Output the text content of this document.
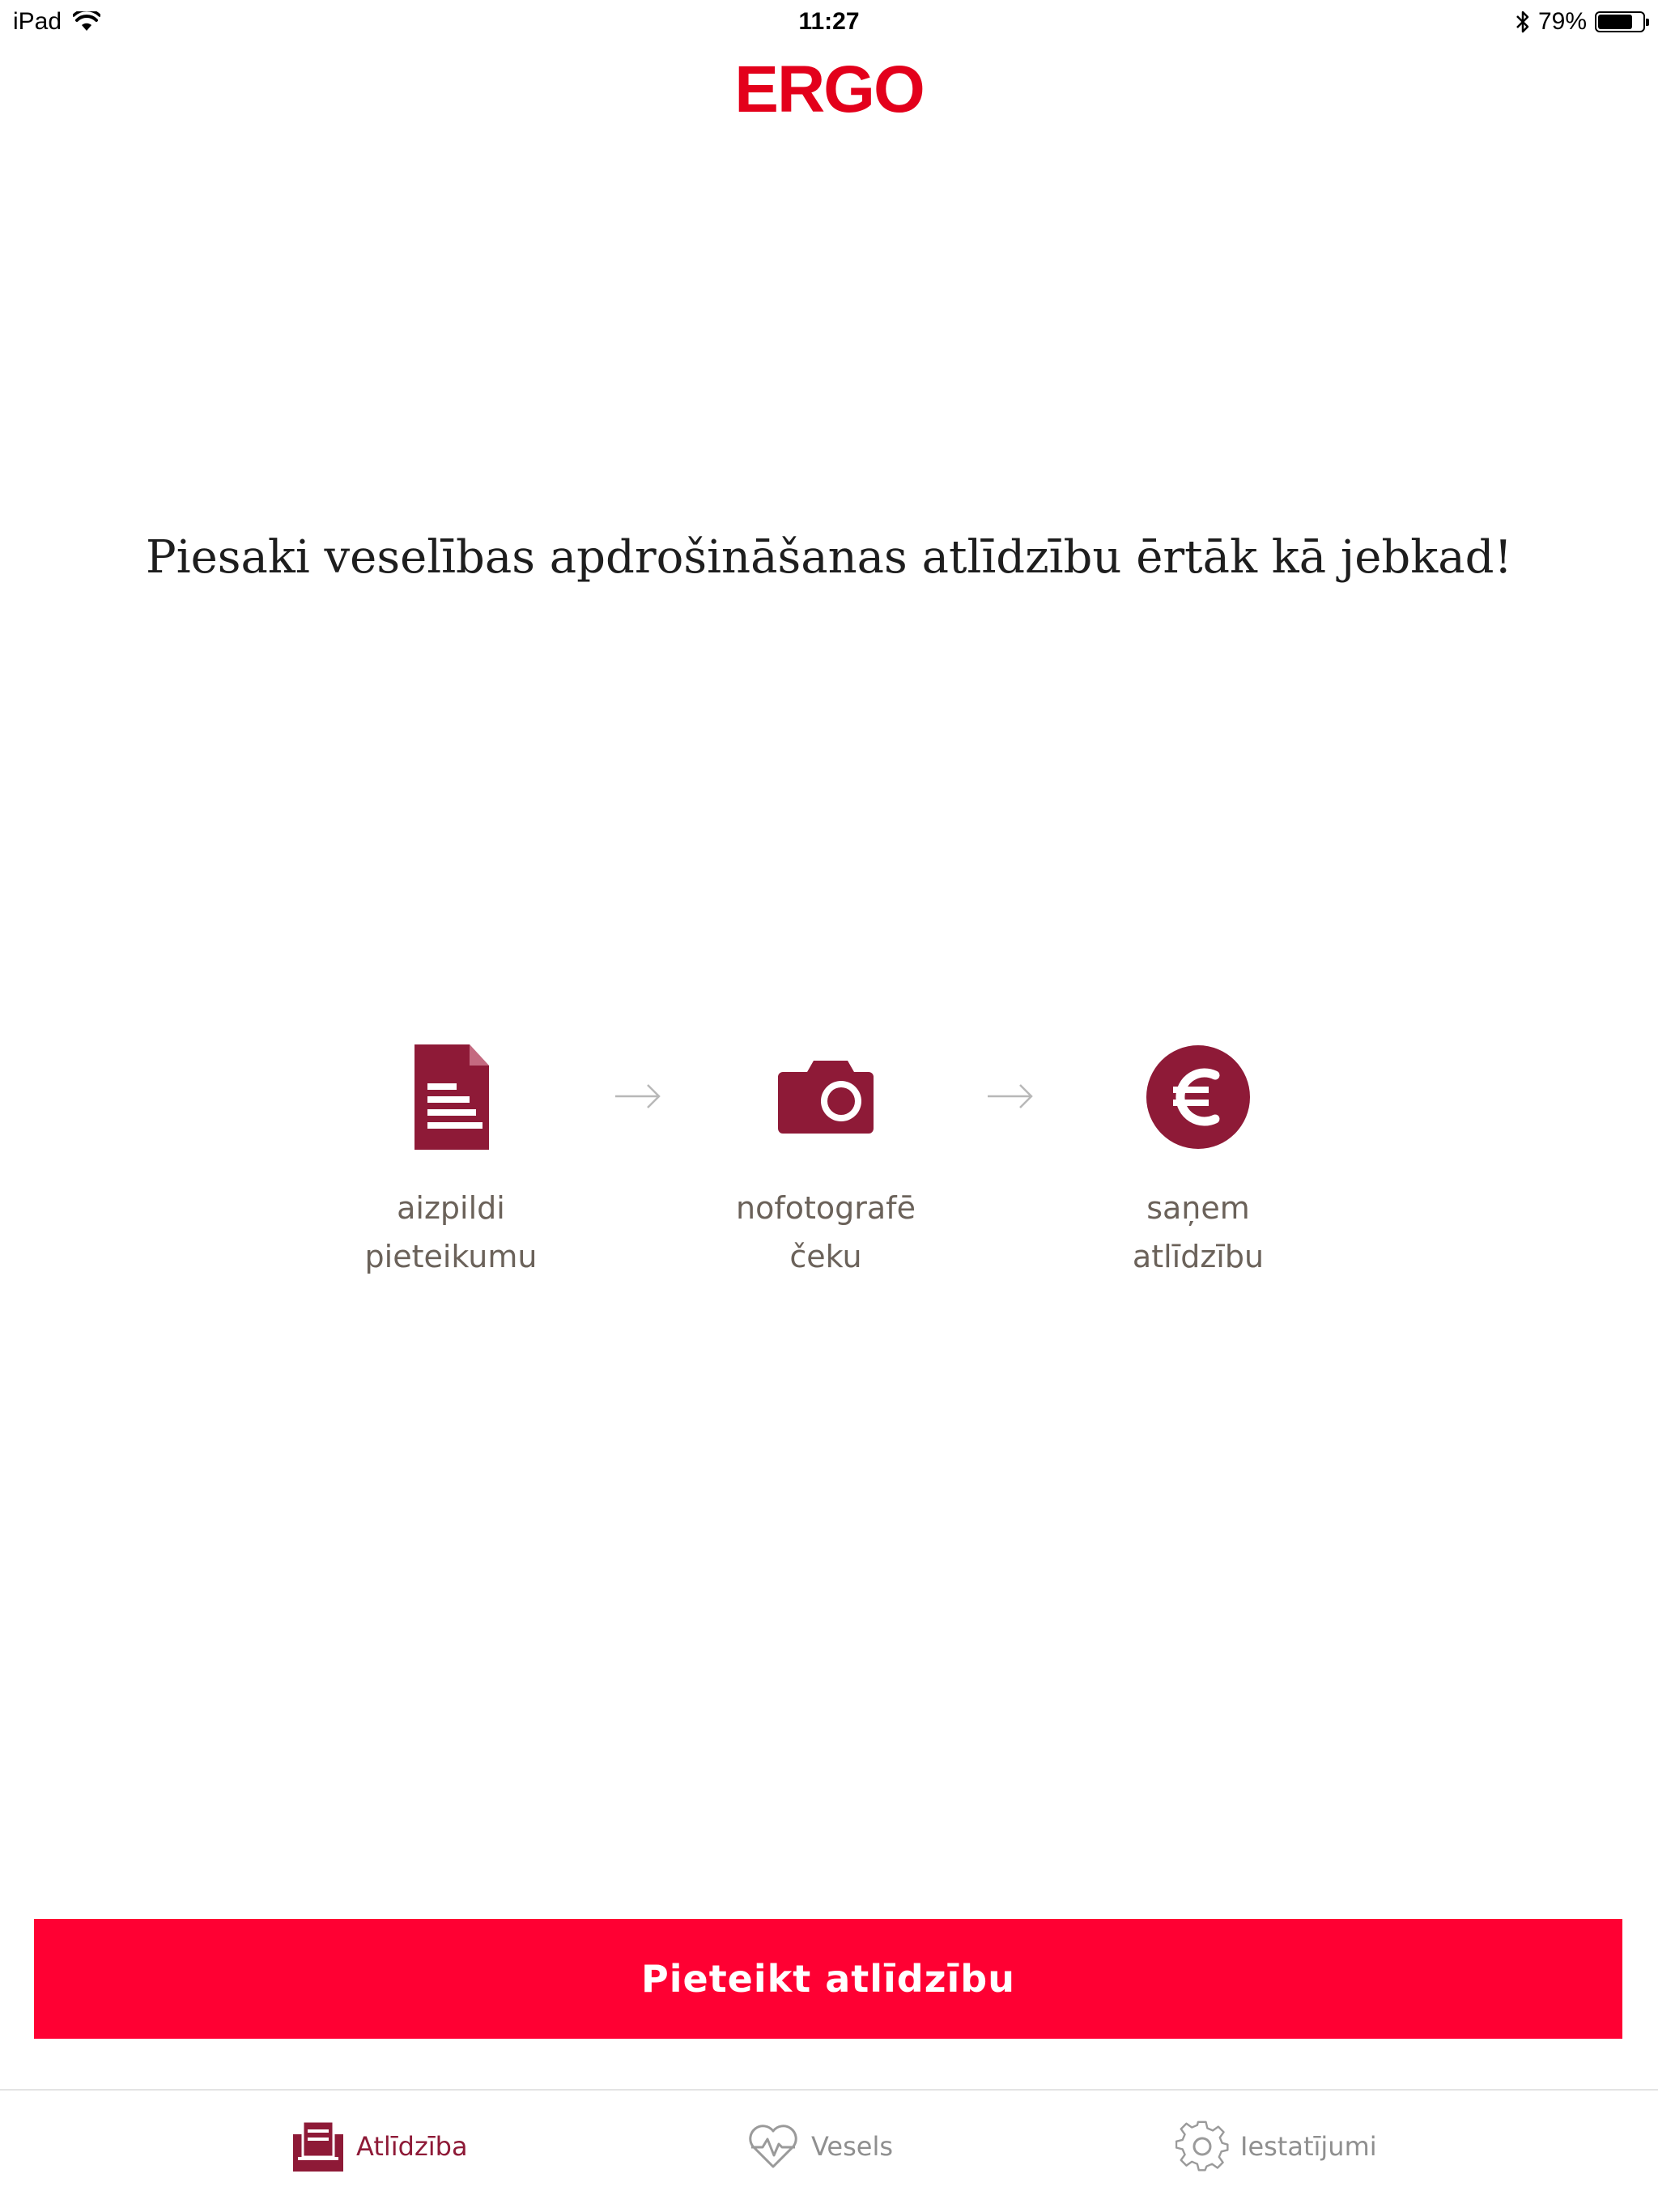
iPad	11:27	79%
ERGO
Piesaki veselības apdrošināšanas atlīdzību ērtāk kā jebkad!
aizpildi
pieteikumu
nofotografē
čeku
saņem
atlīdzību
Pieteikt atlīdzību
Atlīdzība	Vesels	Iestatījumi
